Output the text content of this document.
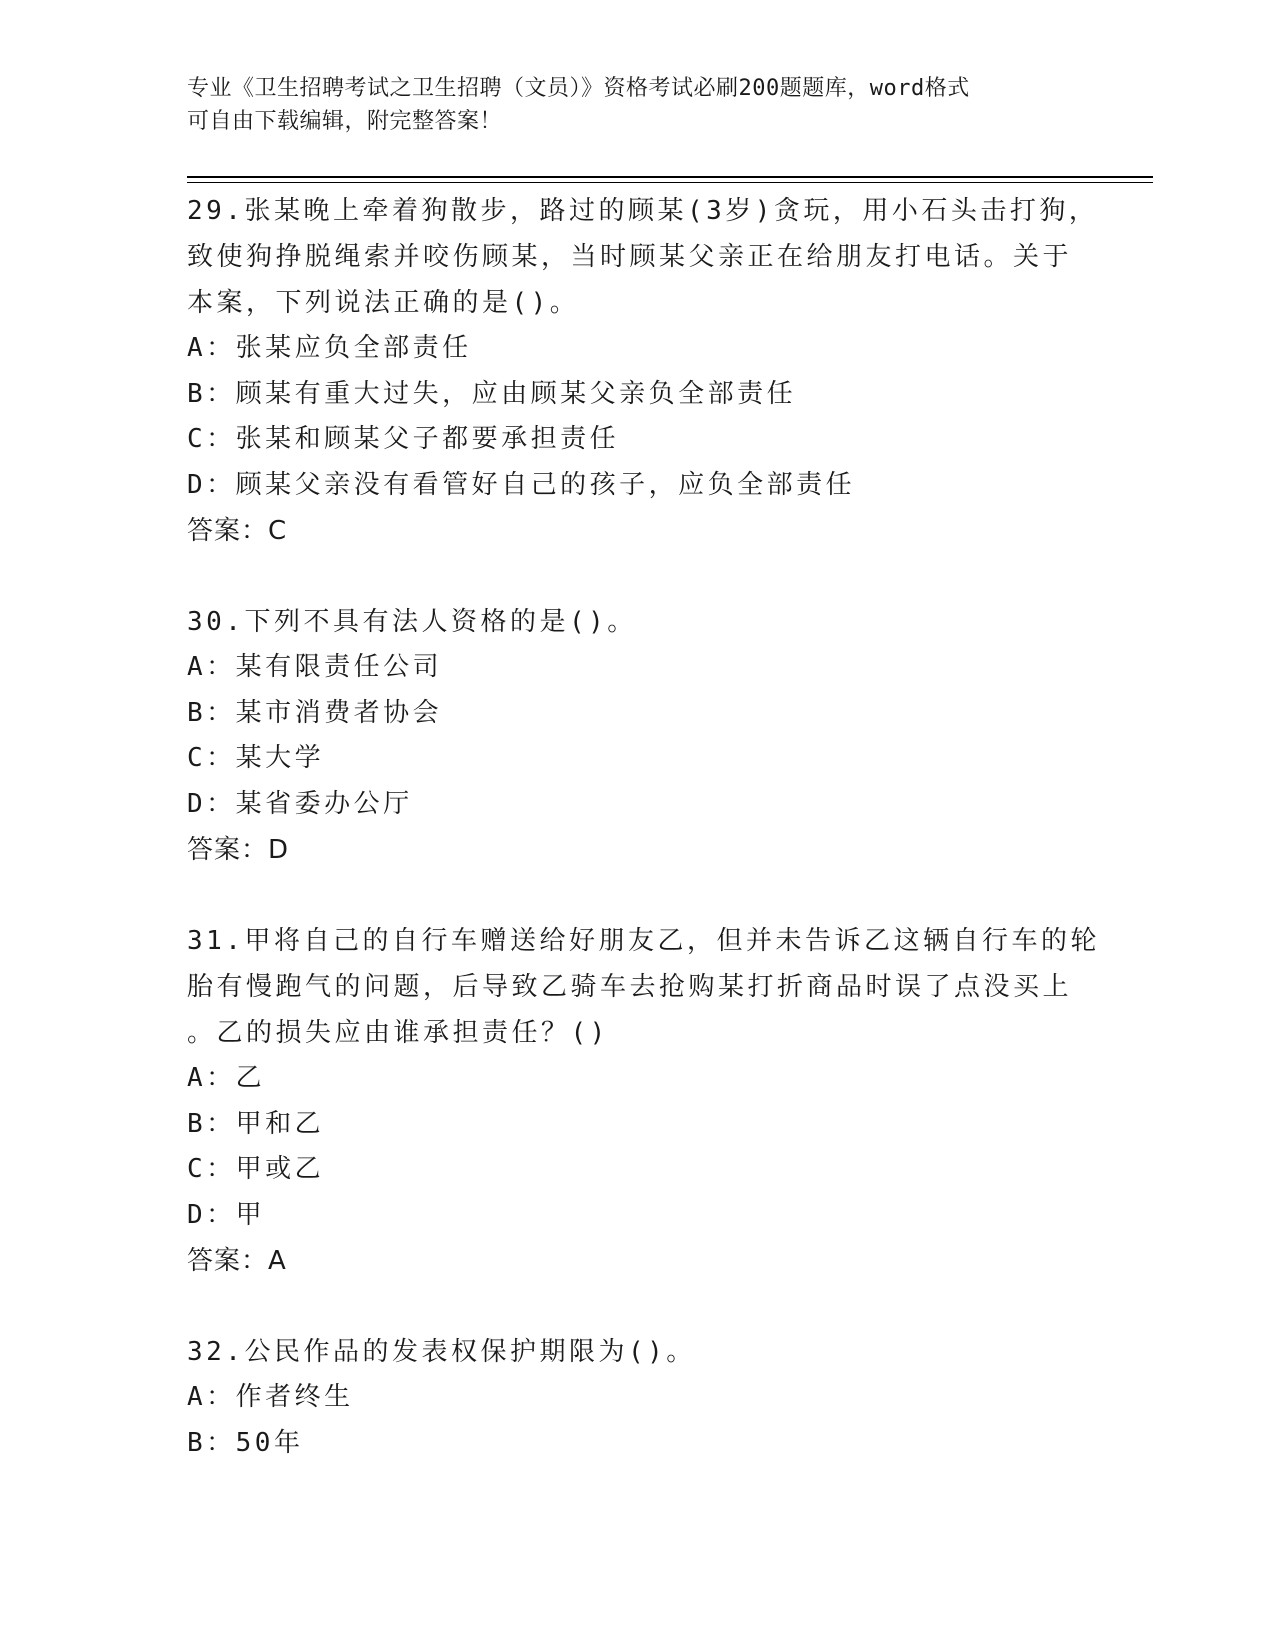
专业《卫生招聘考试之卫生招聘（文员）》资格考试必刷200题题库，word格式
可自由下载编辑，附完整答案！
29.张某晚上牵着狗散步，路过的顾某(3岁)贪玩，用小石头击打狗，
致使狗挣脱绳索并咬伤顾某，当时顾某父亲正在给朋友打电话。关于
本案，下列说法正确的是()。
A：张某应负全部责任
B：顾某有重大过失，应由顾某父亲负全部责任
C：张某和顾某父子都要承担责任
D：顾某父亲没有看管好自己的孩子，应负全部责任
答案：C
30.下列不具有法人资格的是()。
A：某有限责任公司
B：某市消费者协会
C：某大学
D：某省委办公厅
答案：D
31.甲将自己的自行车赠送给好朋友乙，但并未告诉乙这辆自行车的轮
胎有慢跑气的问题，后导致乙骑车去抢购某打折商品时误了点没买上
。乙的损失应由谁承担责任？()
A：乙
B：甲和乙
C：甲或乙
D：甲
答案：A
32.公民作品的发表权保护期限为()。
A：作者终生
B：50年
